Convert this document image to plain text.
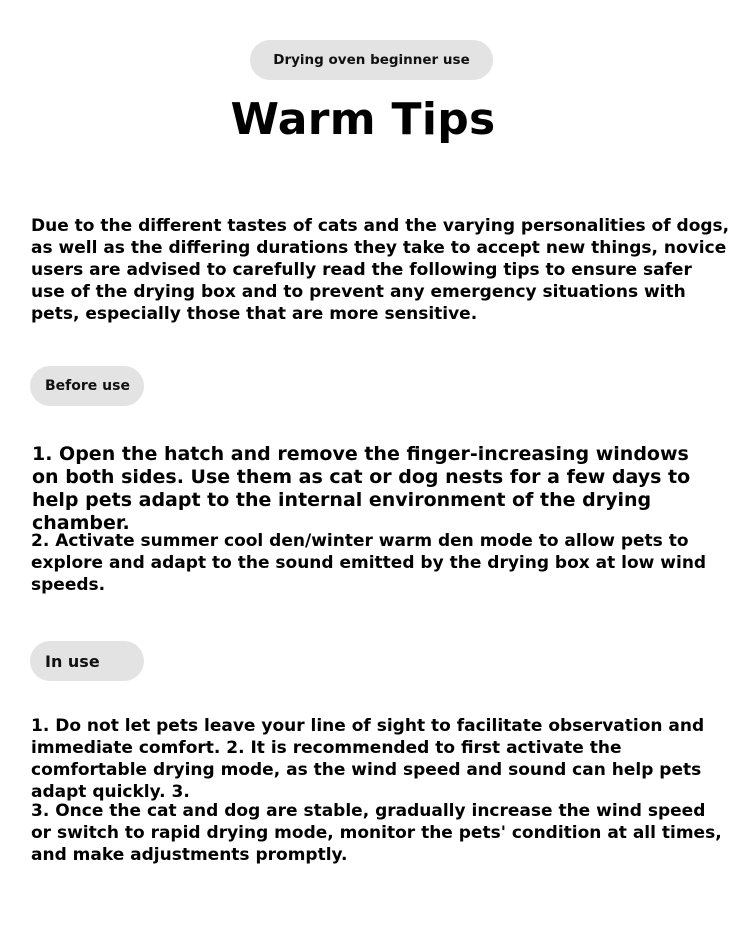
Drying oven beginner use
Warm Tips

Due to the different tastes of cats and the varying personalities of dogs, as well as the differing durations they take to accept new things, novice users are advised to carefully read the following tips to ensure safer use of the drying box and to prevent any emergency situations with pets, especially those that are more sensitive.

Before use

1. Open the hatch and remove the finger-increasing windows on both sides. Use them as cat or dog nests for a few days to help pets adapt to the internal environment of the drying chamber.

2. Activate summer cool den/winter warm den mode to allow pets to explore and adapt to the sound emitted by the drying box at low wind speeds.

In use

1. Do not let pets leave your line of sight to facilitate observation and immediate comfort. 2. It is recommended to first activate the comfortable drying mode, as the wind speed and sound can help pets adapt quickly. 3.

3. Once the cat and dog are stable, gradually increase the wind speed or switch to rapid drying mode, monitor the pets' condition at all times, and make adjustments promptly.
